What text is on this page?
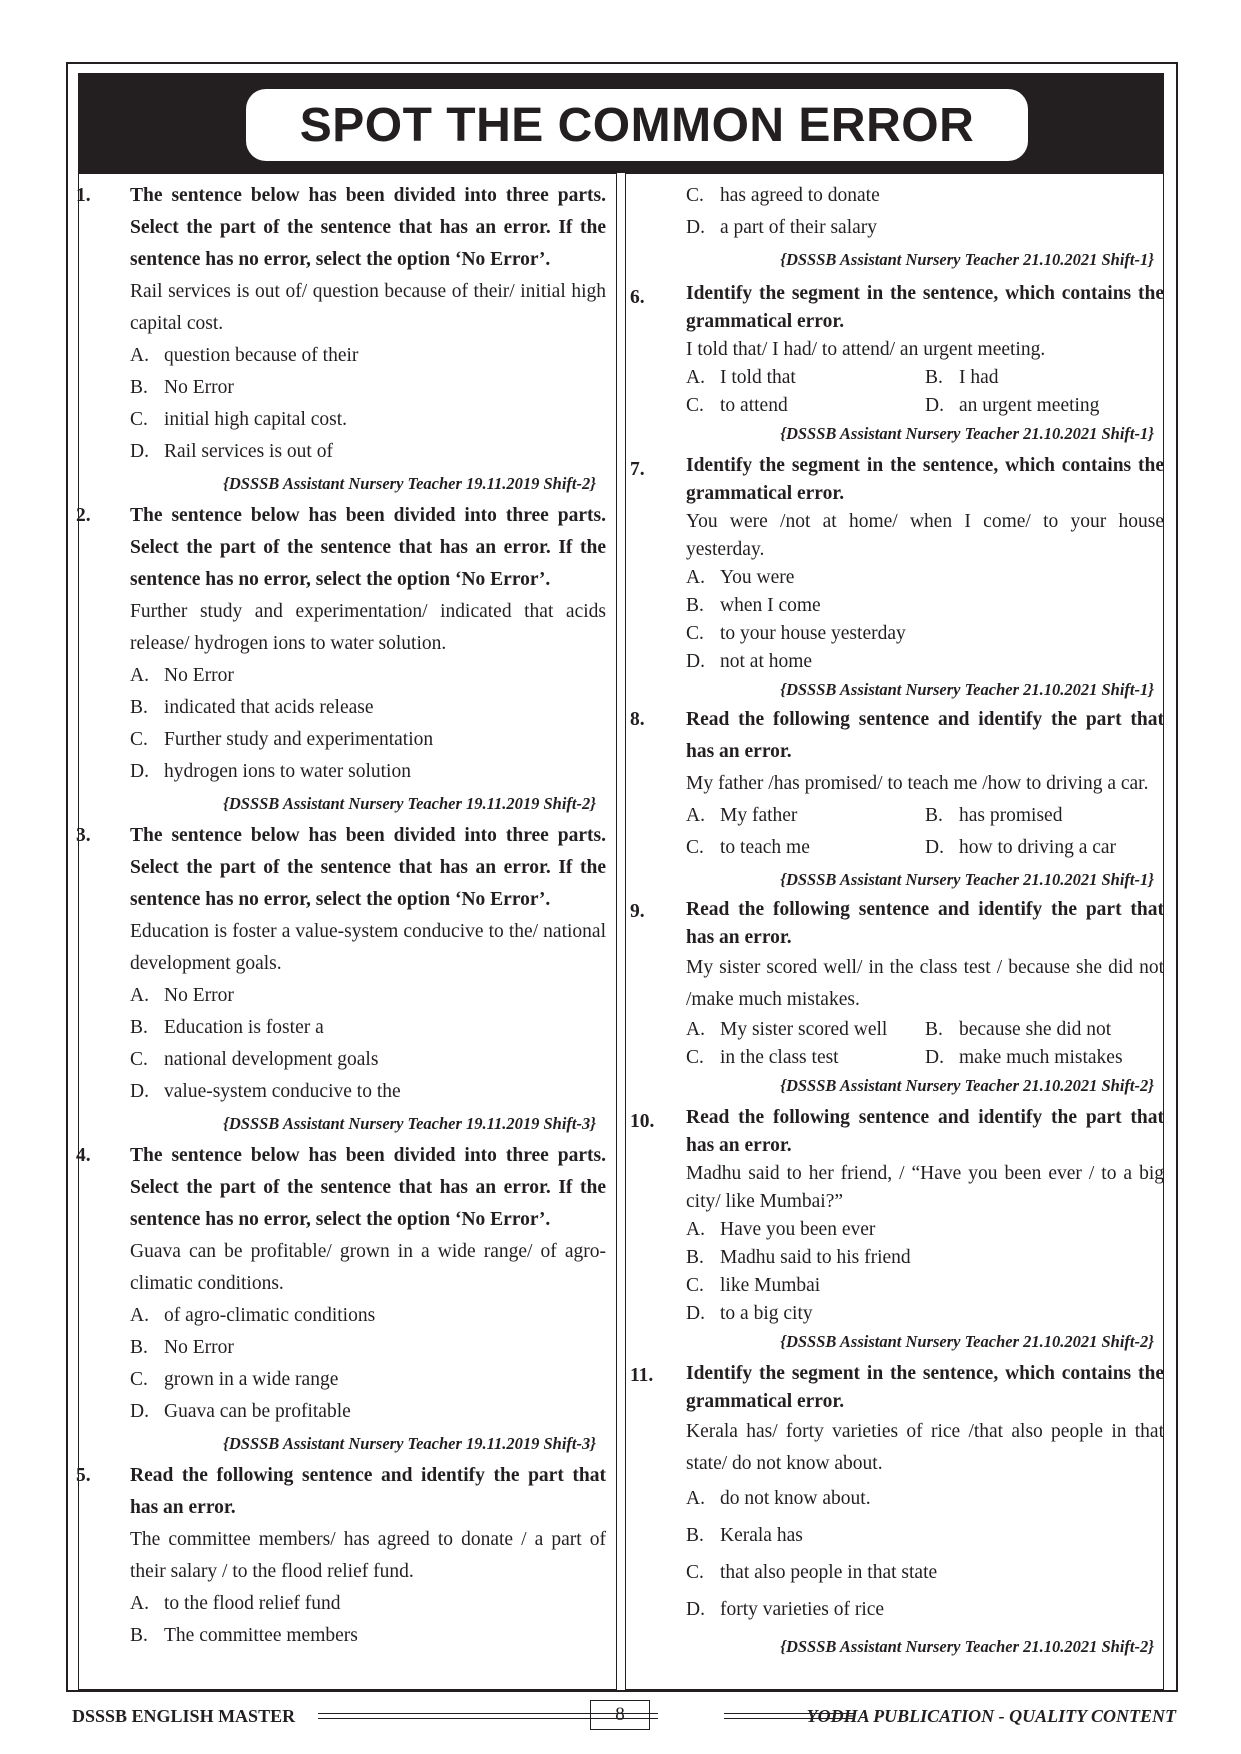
SPOT THE COMMON ERROR
1. The sentence below has been divided into three parts. Select the part of the sentence that has an error. If the sentence has no error, select the option ‘No Error’.
Rail services is out of/ question because of their/ initial high capital cost.
A. question because of their
B. No Error
C. initial high capital cost.
D. Rail services is out of
{DSSSB Assistant Nursery Teacher 19.11.2019 Shift-2}
2. The sentence below has been divided into three parts. Select the part of the sentence that has an error. If the sentence has no error, select the option ‘No Error’.
Further study and experimentation/ indicated that acids release/ hydrogen ions to water solution.
A. No Error
B. indicated that acids release
C. Further study and experimentation
D. hydrogen ions to water solution
{DSSSB Assistant Nursery Teacher 19.11.2019 Shift-2}
3. The sentence below has been divided into three parts. Select the part of the sentence that has an error. If the sentence has no error, select the option ‘No Error’.
Education is foster a value-system conducive to the/ national development goals.
A. No Error
B. Education is foster a
C. national development goals
D. value-system conducive to the
{DSSSB Assistant Nursery Teacher 19.11.2019 Shift-3}
4. The sentence below has been divided into three parts. Select the part of the sentence that has an error. If the sentence has no error, select the option ‘No Error’.
Guava can be profitable/ grown in a wide range/ of agro-climatic conditions.
A. of agro-climatic conditions
B. No Error
C. grown in a wide range
D. Guava can be profitable
{DSSSB Assistant Nursery Teacher 19.11.2019 Shift-3}
5. Read the following sentence and identify the part that has an error.
The committee members/ has agreed to donate / a part of their salary / to the flood relief fund.
A. to the flood relief fund
B. The committee members
C. has agreed to donate
D. a part of their salary
{DSSSB Assistant Nursery Teacher 21.10.2021 Shift-1}
6. Identify the segment in the sentence, which contains the grammatical error.
I told that/ I had/ to attend/ an urgent meeting.
A. I told that	B. I had
C. to attend	D. an urgent meeting
{DSSSB Assistant Nursery Teacher 21.10.2021 Shift-1}
7. Identify the segment in the sentence, which contains the grammatical error.
You were /not at home/ when I come/ to your house yesterday.
A. You were
B. when I come
C. to your house yesterday
D. not at home
{DSSSB Assistant Nursery Teacher 21.10.2021 Shift-1}
8. Read the following sentence and identify the part that has an error.
My father /has promised/ to teach me /how to driving a car.
A. My father	B. has promised
C. to teach me	D. how to driving a car
{DSSSB Assistant Nursery Teacher 21.10.2021 Shift-1}
9. Read the following sentence and identify the part that has an error.
My sister scored well/ in the class test / because she did not /make much mistakes.
A. My sister scored well	B. because she did not
C. in the class test	D. make much mistakes
{DSSSB Assistant Nursery Teacher 21.10.2021 Shift-2}
10. Read the following sentence and identify the part that has an error.
Madhu said to her friend, / “Have you been ever / to a big city/ like Mumbai?”
A. Have you been ever
B. Madhu said to his friend
C. like Mumbai
D. to a big city
{DSSSB Assistant Nursery Teacher 21.10.2021 Shift-2}
11. Identify the segment in the sentence, which contains the grammatical error.
Kerala has/ forty varieties of rice /that also people in that state/ do not know about.
A. do not know about.
B. Kerala has
C. that also people in that state
D. forty varieties of rice
{DSSSB Assistant Nursery Teacher 21.10.2021 Shift-2}
DSSSB ENGLISH MASTER	YODHA PUBLICATION - QUALITY CONTENT
8
